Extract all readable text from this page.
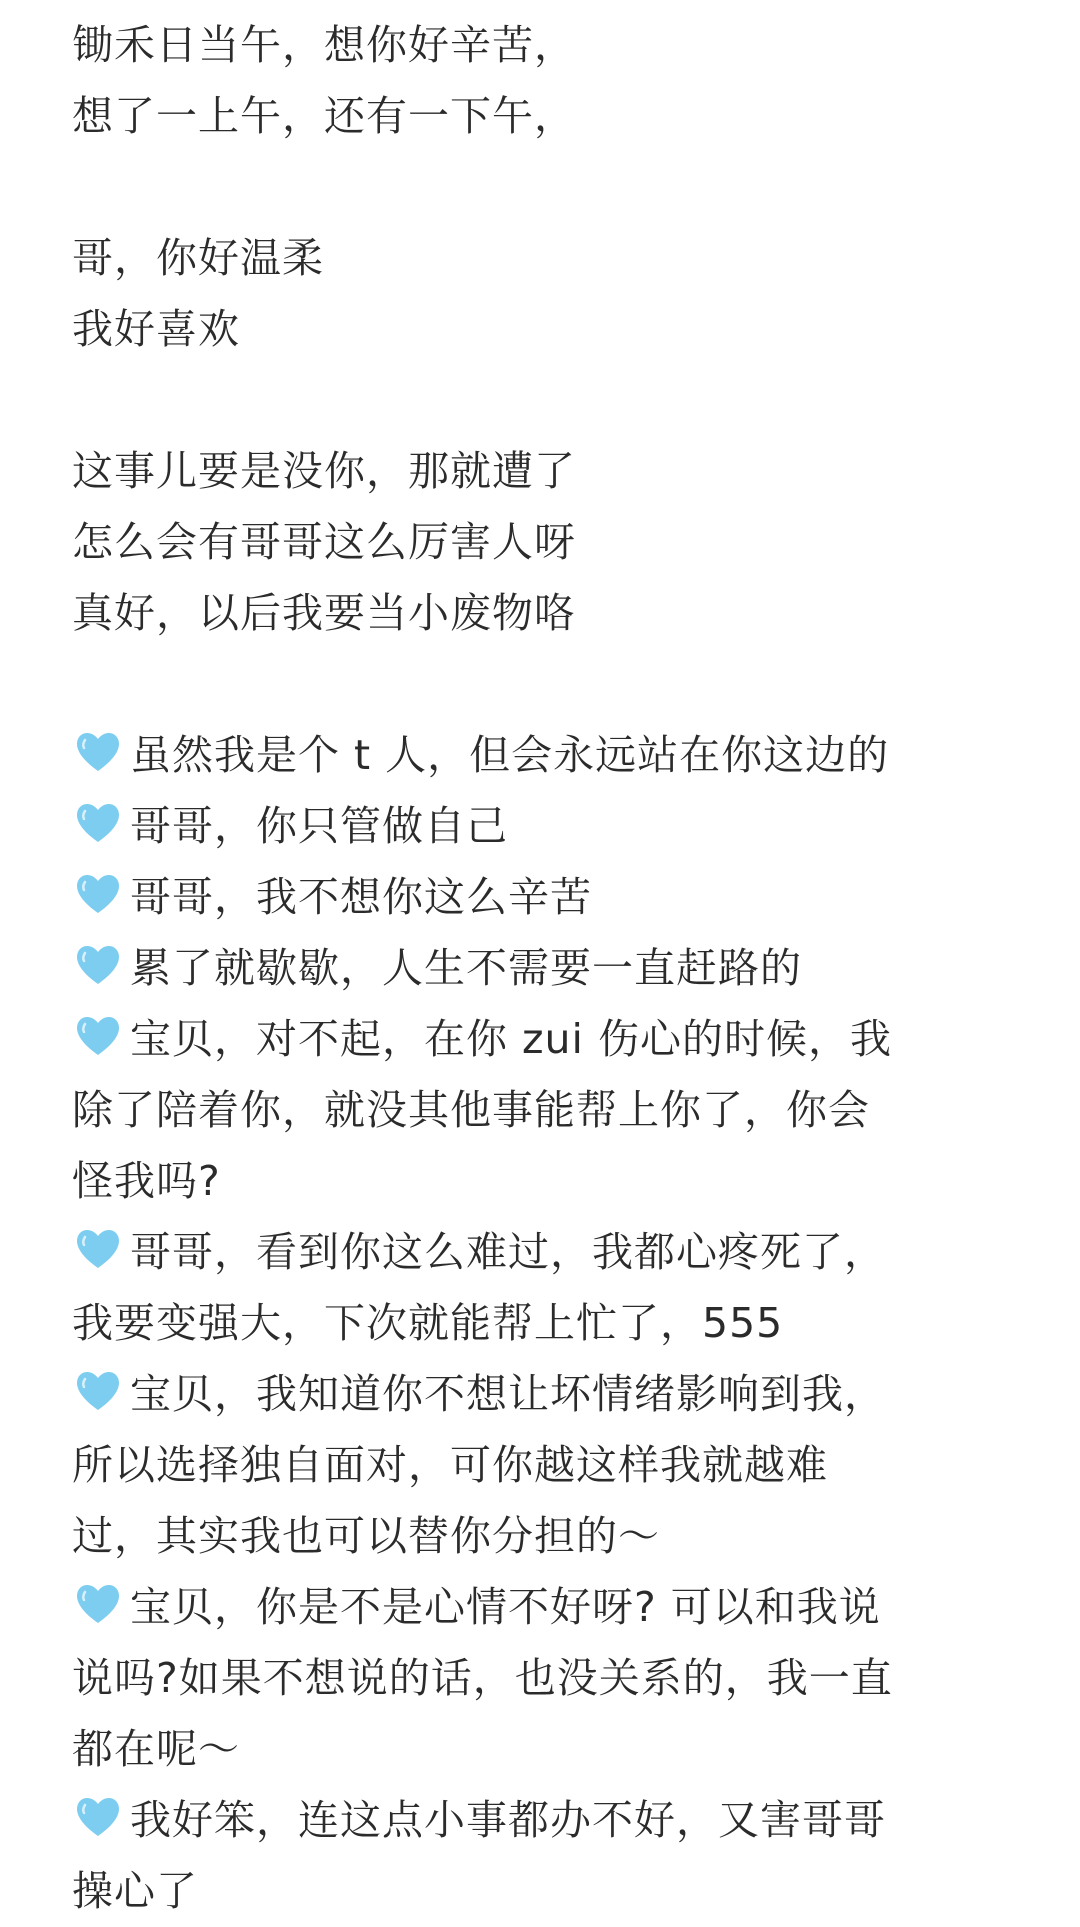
锄禾日当午，想你好辛苦，
想了一上午，还有一下午，
哥，你好温柔
我好喜欢
这事儿要是没你，那就遭了
怎么会有哥哥这么厉害人呀
真好，以后我要当小废物咯
虽然我是个 t 人，但会永远站在你这边的
哥哥，你只管做自己
哥哥，我不想你这么辛苦
累了就歇歇，人生不需要一直赶路的
宝贝，对不起，在你 zui 伤心的时候，我
除了陪着你，就没其他事能帮上你了，你会
怪我吗?
哥哥，看到你这么难过，我都心疼死了，
我要变强大，下次就能帮上忙了，555
宝贝，我知道你不想让坏情绪影响到我，
所以选择独自面对，可你越这样我就越难
过，其实我也可以替你分担的～
宝贝，你是不是心情不好呀? 可以和我说
说吗?如果不想说的话，也没关系的，我一直
都在呢～
我好笨，连这点小事都办不好，又害哥哥
操心了
